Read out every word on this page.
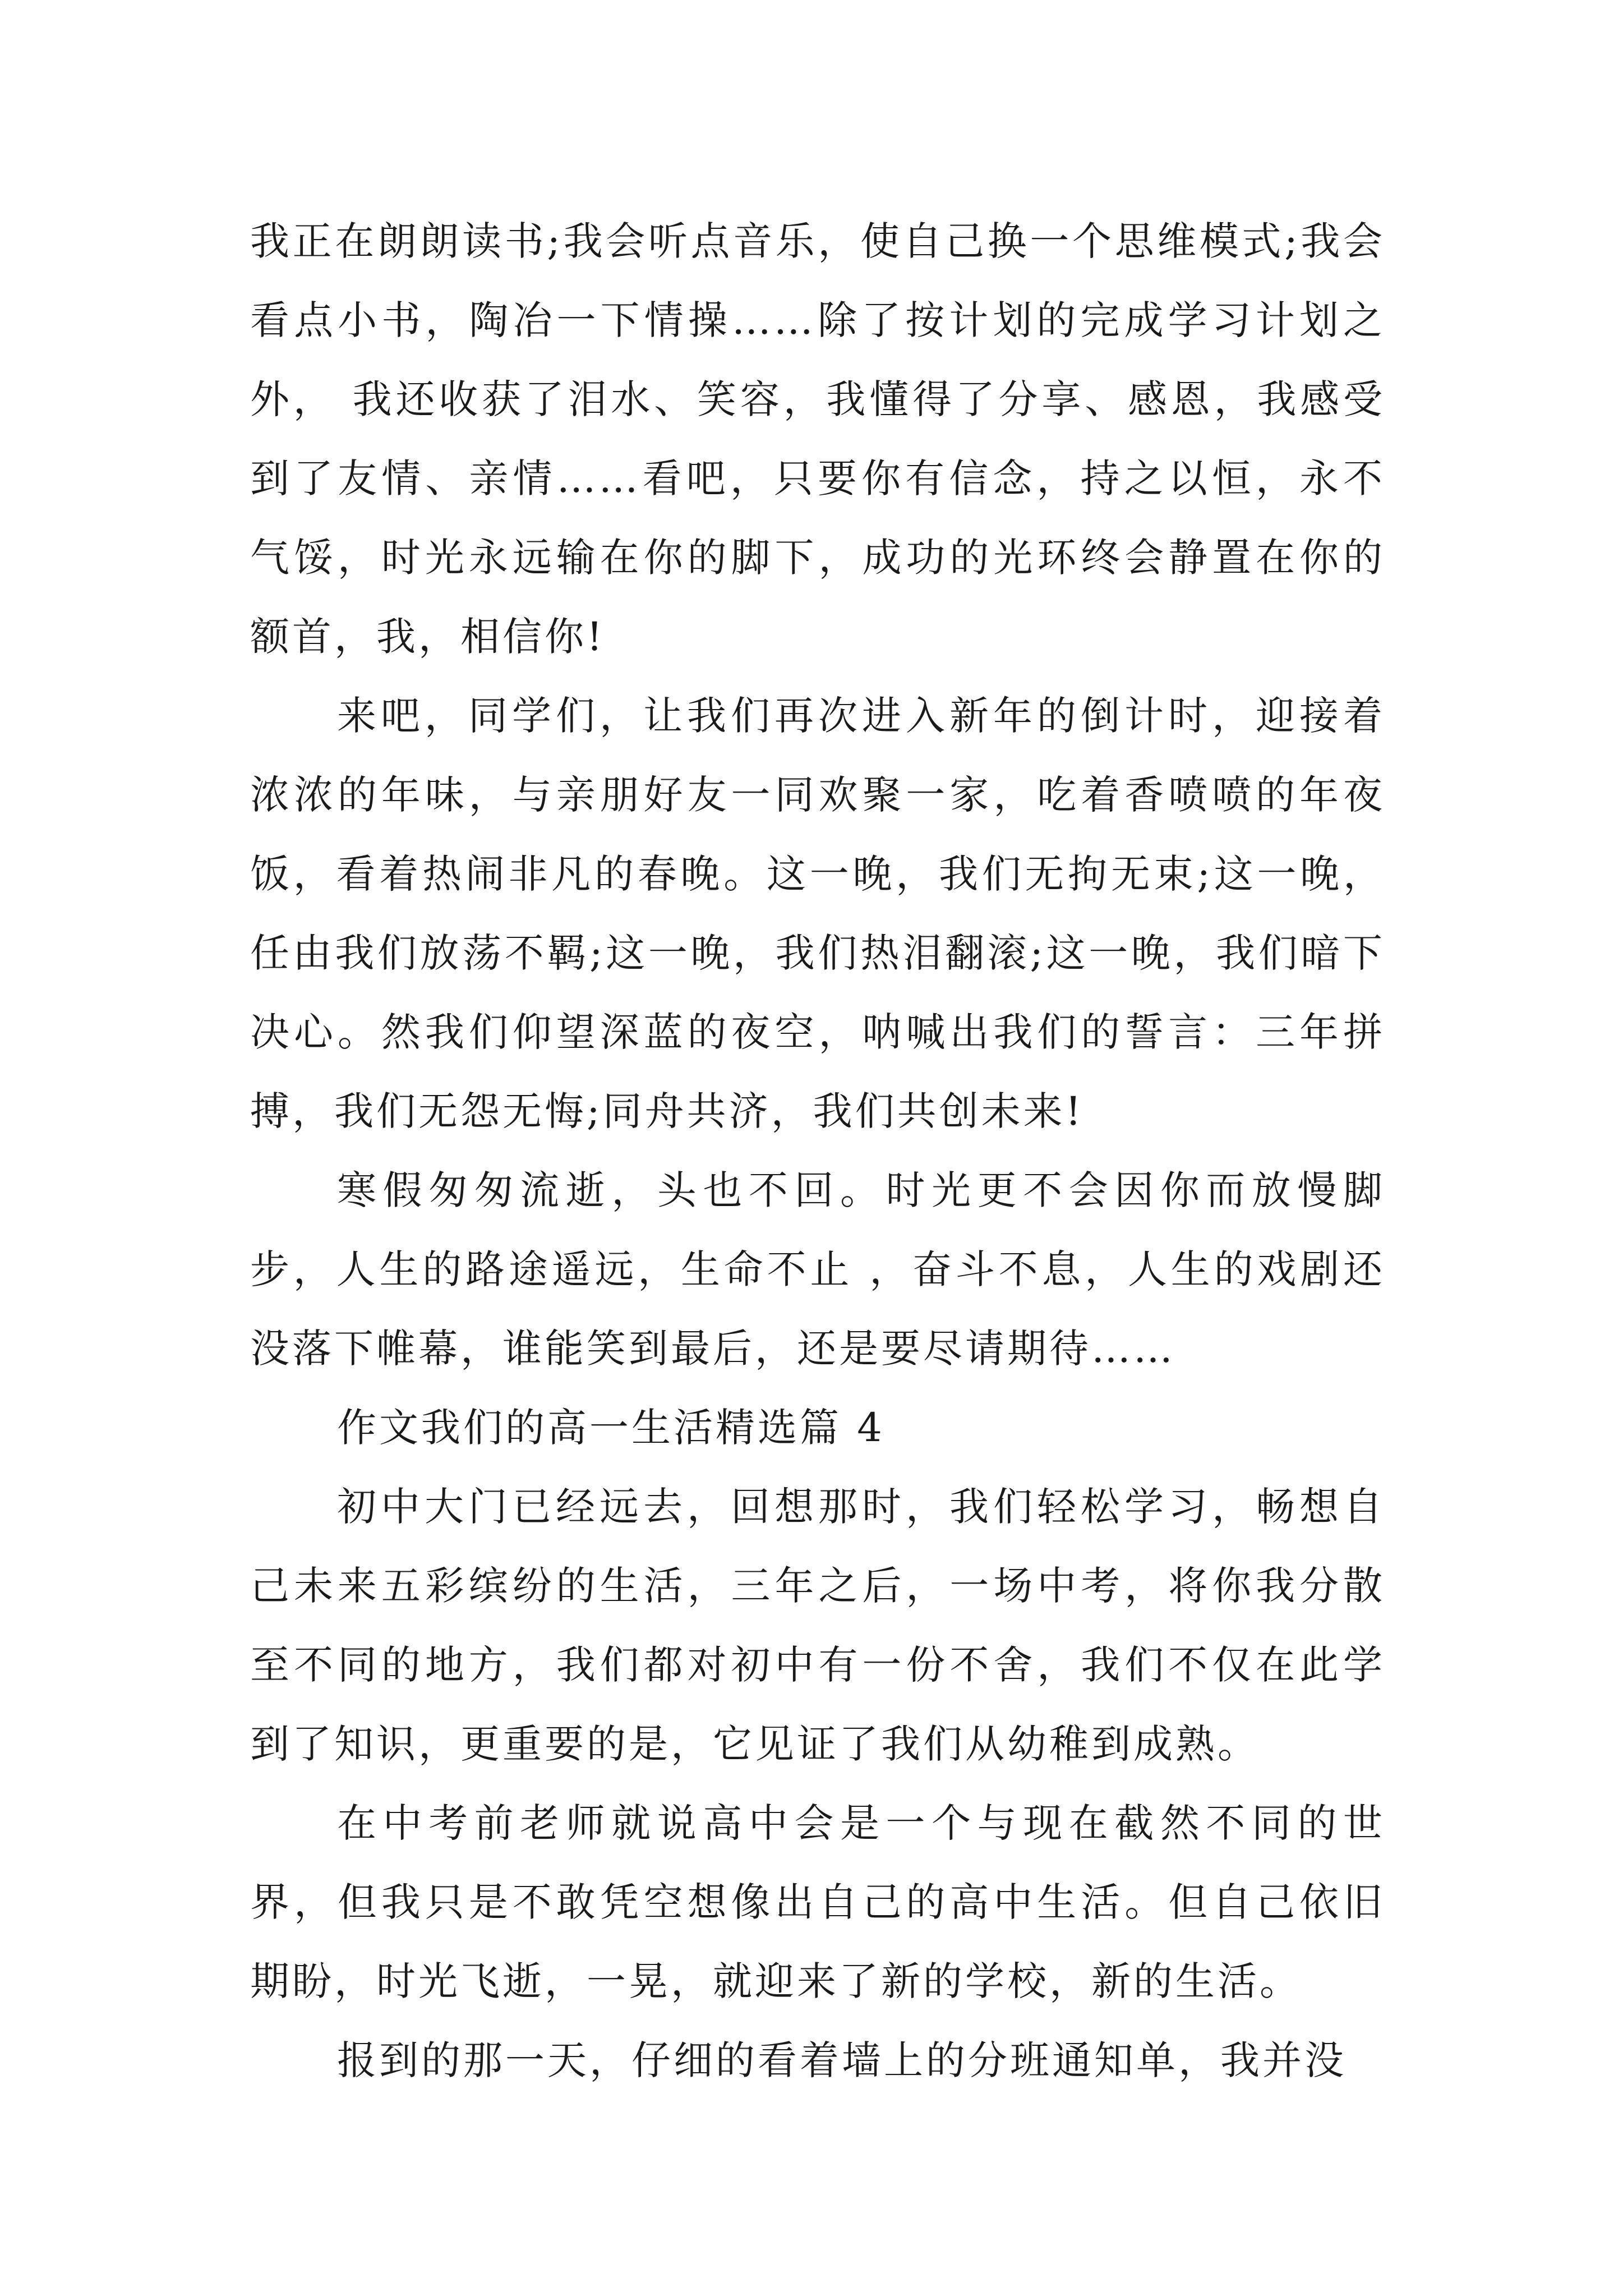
我正在朗朗读书;我会听点音乐，使自己换一个思维模式;我会看点小书，陶冶一下情操……除了按计划的完成学习计划之外， 我还收获了泪水、笑容，我懂得了分享、感恩，我感受到了友情、亲情……看吧，只要你有信念，持之以恒，永不气馁，时光永远输在你的脚下，成功的光环终会静置在你的额首，我，相信你!

来吧，同学们，让我们再次进入新年的倒计时，迎接着浓浓的年味，与亲朋好友一同欢聚一家，吃着香喷喷的年夜饭，看着热闹非凡的春晚。这一晚，我们无拘无束;这一晚，任由我们放荡不羁;这一晚，我们热泪翻滚;这一晚，我们暗下决心。然我们仰望深蓝的夜空，呐喊出我们的誓言：三年拼搏，我们无怨无悔;同舟共济，我们共创未来!

寒假匆匆流逝，头也不回。时光更不会因你而放慢脚步，人生的路途遥远，生命不止 ，奋斗不息，人生的戏剧还没落下帷幕，谁能笑到最后，还是要尽请期待……

作文我们的高一生活精选篇 4

初中大门已经远去，回想那时，我们轻松学习，畅想自己未来五彩缤纷的生活，三年之后，一场中考，将你我分散至不同的地方，我们都对初中有一份不舍，我们不仅在此学到了知识，更重要的是，它见证了我们从幼稚到成熟。

在中考前老师就说高中会是一个与现在截然不同的世界，但我只是不敢凭空想像出自己的高中生活。但自己依旧期盼，时光飞逝，一晃，就迎来了新的学校，新的生活。

报到的那一天，仔细的看着墙上的分班通知单，我并没
